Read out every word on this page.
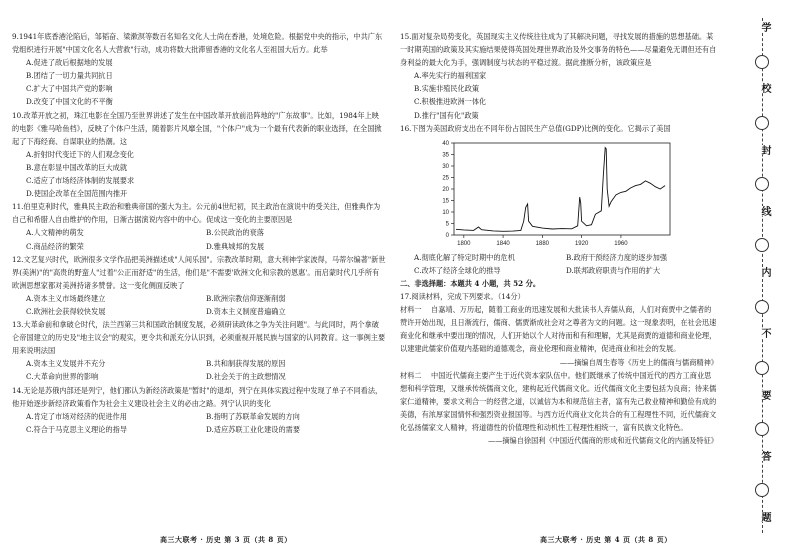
9.1941年底香港沦陷后，邹韬奋、梁漱溟等数百名知名文化人士尚在香港，处境危险。根据党中央的指示，中共广东党组织进行开展"中国文化名人大营救"行动，成功将数大批滞留香港的文化名人至祖国大后方。此举

A.促进了敌后根据地的发展

B.团结了一切力量共同抗日

C.扩大了中国共产党的影响

D.改变了中国文化的不平衡

10.改革开放之初，珠江电影在全国乃至世界讲述了发生在中国改革开放前沿阵地的"广东故事"。比如，1984年上映的电影《雅马哈鱼档》，反映了个体户生活，随着影片风靡全国，"个体户"成为一个最有代表新的职业选择，在全国掀起了下海经商、自谋职业的热潮。这

A.折射时代变迁下的人们观念变化

B.意在彰显中国改革的巨大成就

C.适应了市场经济体制的发展要求

D.使国企改革在全国范围内推开

11.伯里克利时代，雅典民主政治和雅典帝国的强大为主。公元前4世纪初，民主政治在演说中的受关注，但雅典作为自己和希腊人自由维护的作用，日渐古据演说内容中的中心。促成这一变化的主要原因是

A.人文精神的萌发	B.公民政治的衰落
C.商品经济的繁荣	D.雅典城邦的发展

12.文艺复兴时代，欧洲很多文学作品把美洲描述成"人间乐园"。宗教改革时期，意大利神学家波得，马蒂尔编著"新世界(美洲)"的"高贵的野蛮人"过着"公正而舒适"的生活，他们是"不需要'欧洲文化和宗教的恩惠'。而启蒙时代几乎所有欧洲思想家都对美洲持诸多赞誉。这一变化侧面反映了

A.资本主义市场最终建立	B.欧洲宗教信仰逐渐削弱
C.欧洲社会获得较快发展	D.资本主义制度普遍确立

13.大革命前和拿破仑时代，法兰西第三共和国政治制度发展，必须研读政体之争为关注问题"。与此同时，两个拿破仑帝国建立的历史及"地主议会"的观实，更令共和派充分认识到，必须重视开展民族与国家的认同教育。这一事例主要用来说明法国

A.资本主义发展并不充分	B.共和制获得发展的原因
C.大革命向世界的影响	D.社会关于的主政想情况

14.无论是苏俄内部还是列宁，他们都认为新经济政策是"暂时"的退却，列宁在具体实践过程中发现了单子不同看法，他开始逐步新经济政策看作为社会主义建设社会主义的必由之路。列宁认识的变化

A.肯定了市场对经济的促进作用	B.指明了苏联革命发展的方向
C.符合于马克思主义理论的指导	D.适应苏联工业化建设的需要

15.面对复杂局势变化，英国现实主义传统往往成为了其解决问题，寻找发展的措施的思想基础。某一时期英国的政策及其实施结果使得英国处理世界政治及外交事务的特色——尽量避免无谓但还有自身利益的最大化为手，强调制度与状态的平稳过渡。据此推断分析，该政策应是

A.率先实行的福利国家

B.实施非殖民化政策

C.积极推进欧洲一体化

D.推行"国有化"政策

16.下图为美国政府支出在不同年份占国民生产总值(GDP)比例的变化。它揭示了美国

0
5
10
15
20
25
30
35
40
1800	1840	1880	1920	1960
A.彻底化解了特定时期中的危机	B.政府干预经济力度的逐步加强
C.改坏了经济全球化的推导	D.联邦政府职责与作用的扩大

二、非选择题：本题共 4 小题，共 52 分。

17.阅读材料，完成下列要求。（14分）

材料一　 自嘉靖、万历起，随着工商业的迅速发展和大批读书人弃儒从商，人们对商贾中之儒者的赞许开始出现，且日渐流行，儒商、儒贾渐成社会对之尊者为文的问题。这一现象表明，在社会迅速商业化和继承中要出现的情况，人们开始以个人对待而和有和理解，尤其是商贾的道德和商业伦理，以建建此儒家价值观内基础的道德观念，商业伦理和商业精神，促进商业和社会的发展。

——摘编自周生春等《历史上的儒商与儒商精神》

材料二　 中国近代儒商主要产生于近代资本家队伍中。他们既继承了传统中国近代的西方工商业思想和科学管理，又继承传统儒商文化，建构起近代儒商文化。近代儒商文化主要包括为良商；待来儒家仁道精神，要求文利合一的经营之道，以诚信为本和规范信主者，富有先己救业精神和勤俭有成的美德，有浓厚家国情怀和强烈资业报国等。与西方近代商业文化共合的有工程理性不同，近代儒商文化弘扬儒家文人精神，将道德性的价值理性和动机性工程理性相统一，富有民族文化特色。

——摘编自徐国利《中国近代儒商的形成和近代儒商文化的内涵及特征》

高三大联考 · 历史 第 3 页（共 8 页）	高三大联考 · 历史 第 4 页（共 8 页）
学
校
封
线
内
不
要
答
题
